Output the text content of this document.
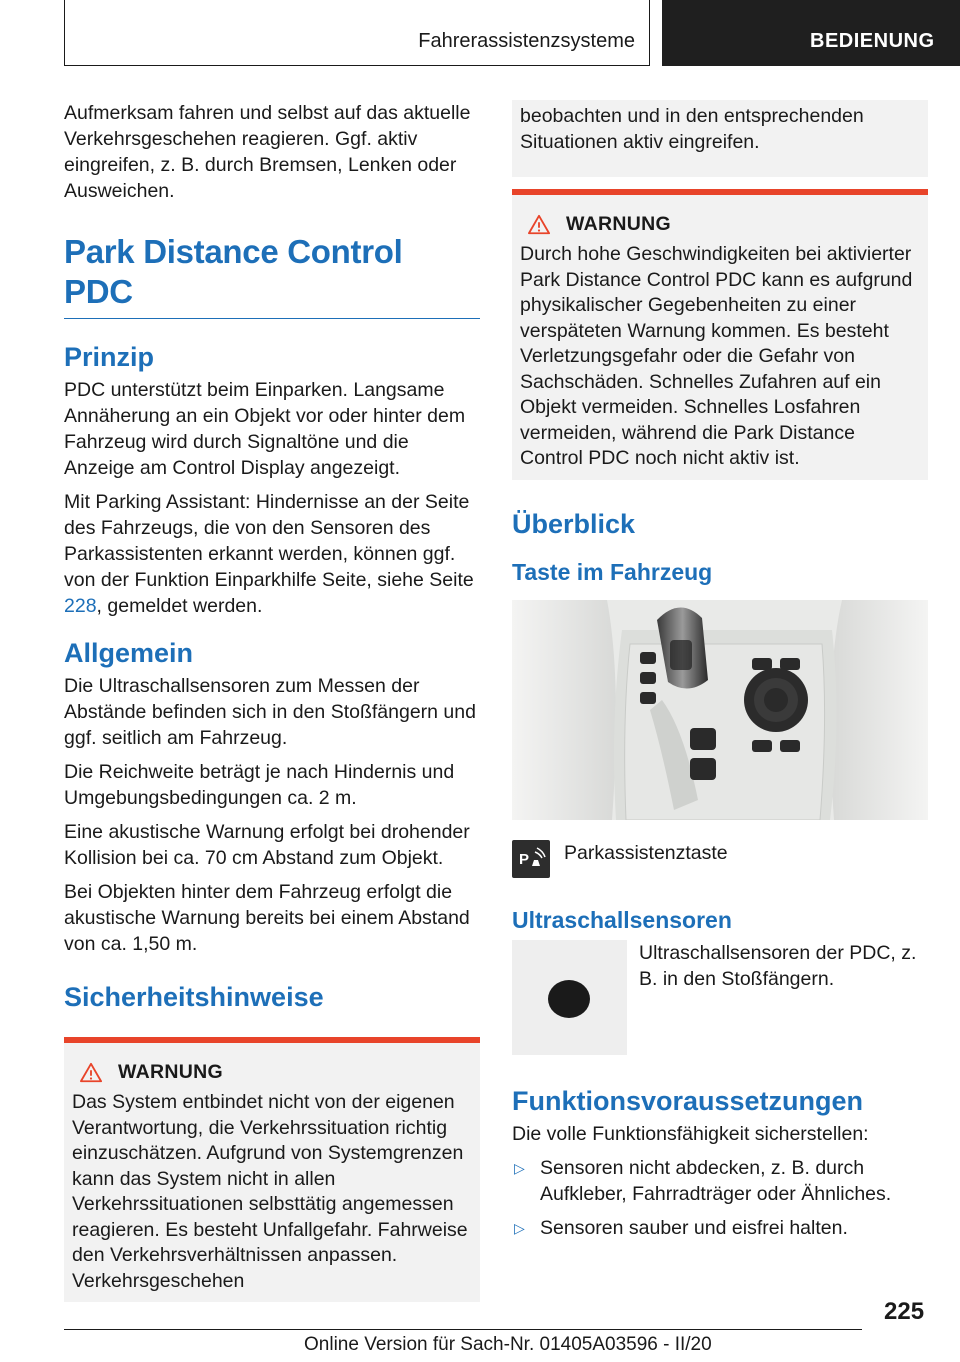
Fahrerassistenzsysteme	BEDIENUNG

Aufmerksam fahren und selbst auf das aktuelle Verkehrsgeschehen reagieren. Ggf. aktiv eingreifen, z. B. durch Bremsen, Lenken oder Ausweichen.

Park Distance Control PDC
Prinzip

PDC unterstützt beim Einparken. Langsame Annäherung an ein Objekt vor oder hinter dem Fahrzeug wird durch Signaltöne und die Anzeige am Control Display angezeigt.

Mit Parking Assistant: Hindernisse an der Seite des Fahrzeugs, die von den Sensoren des Parkassistenten erkannt werden, können ggf. von der Funktion Einparkhilfe Seite, siehe Seite 228, gemeldet werden.

Allgemein

Die Ultraschallsensoren zum Messen der Abstände befinden sich in den Stoßfängern und ggf. seitlich am Fahrzeug.

Die Reichweite beträgt je nach Hindernis und Umgebungsbedingungen ca. 2 m.

Eine akustische Warnung erfolgt bei drohender Kollision bei ca. 70 cm Abstand zum Objekt.

Bei Objekten hinter dem Fahrzeug erfolgt die akustische Warnung bereits bei einem Abstand von ca. 1,50 m.

Sicherheitshinweise
WARNUNG

Das System entbindet nicht von der eigenen Verantwortung, die Verkehrssituation richtig einzuschätzen. Aufgrund von Systemgrenzen kann das System nicht in allen Verkehrssituationen selbsttätig angemessen reagieren. Es besteht Unfallgefahr. Fahrweise den Verkehrsverhältnissen anpassen. Verkehrsgeschehen

beobachten und in den entsprechenden Situationen aktiv eingreifen.

WARNUNG

Durch hohe Geschwindigkeiten bei aktivierter Park Distance Control PDC kann es aufgrund physikalischer Gegebenheiten zu einer verspäteten Warnung kommen. Es besteht Verletzungsgefahr oder die Gefahr von Sachschäden. Schnelles Zufahren auf ein Objekt vermeiden. Schnelles Losfahren vermeiden, während die Park Distance Control PDC noch nicht aktiv ist.

Überblick
Taste im Fahrzeug
P Parkassistenztaste
Ultraschallsensoren
Ultraschallsensoren der PDC, z. B. in den Stoßfängern.
Funktionsvoraussetzungen

Die volle Funktionsfähigkeit sicherstellen:

▷ Sensoren nicht abdecken, z. B. durch Aufkleber, Fahrradträger oder Ähnliches.
▷ Sensoren sauber und eisfrei halten.
225
Online Version für Sach-Nr. 01405A03596 - II/20
